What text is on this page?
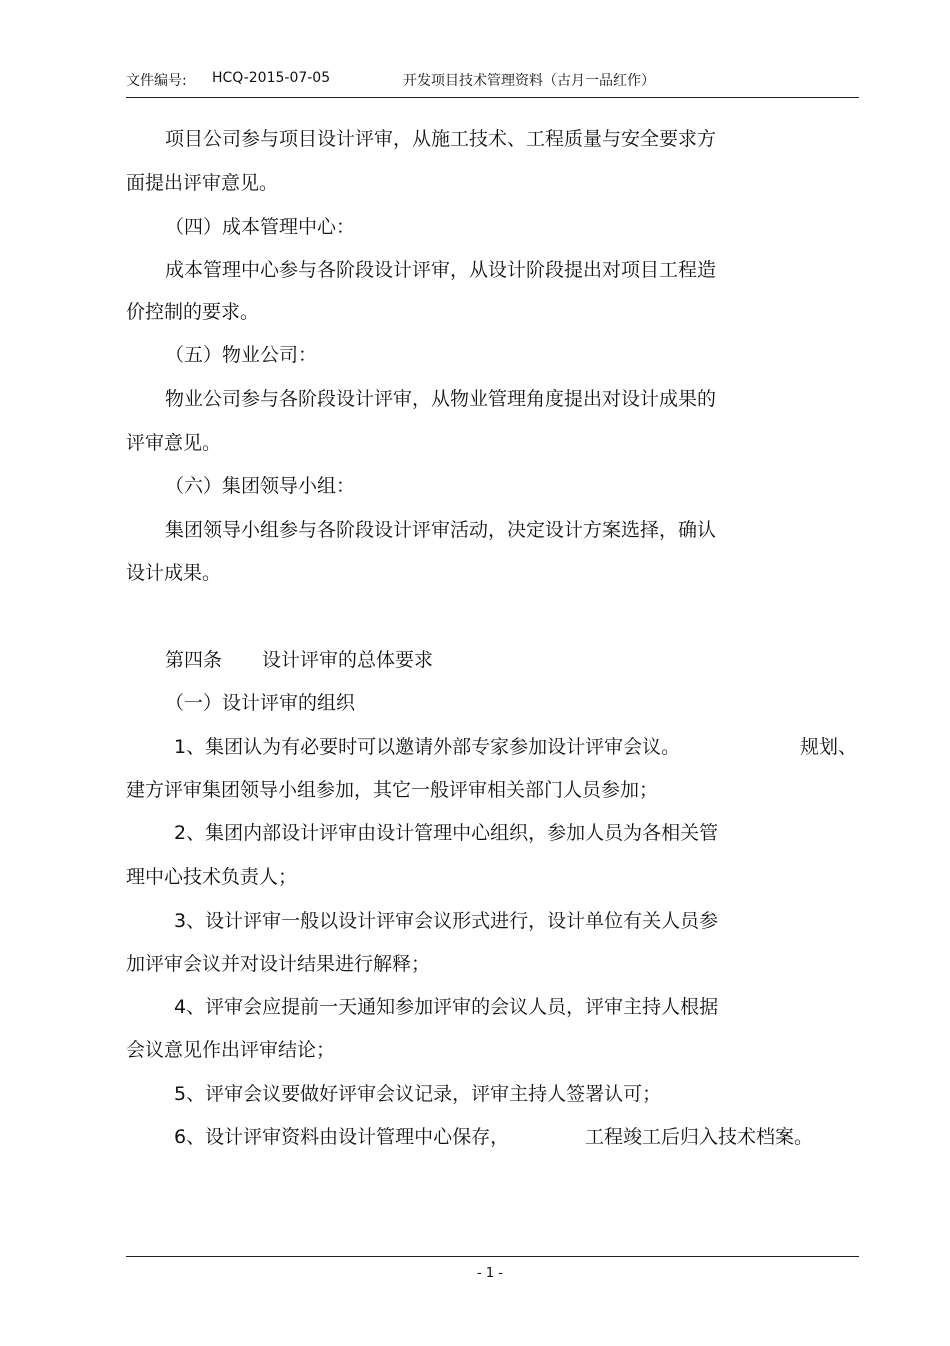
文件编号: HCQ-2015-07-05	开发项目技术管理资料（古月一品红作）
项目公司参与项目设计评审，从施工技术、工程质量与安全要求方
面提出评审意见。
（四）成本管理中心：
成本管理中心参与各阶段设计评审，从设计阶段提出对项目工程造
价控制的要求。
（五）物业公司：
物业公司参与各阶段设计评审，从物业管理角度提出对设计成果的
评审意见。
（六）集团领导小组：
集团领导小组参与各阶段设计评审活动，决定设计方案选择，确认
设计成果。
第四条 设计评审的总体要求
（一）设计评审的组织
1、集团认为有必要时可以邀请外部专家参加设计评审会议。	规划、
建方评审集团领导小组参加，其它一般评审相关部门人员参加；
2、集团内部设计评审由设计管理中心组织，参加人员为各相关管
理中心技术负责人；
3、设计评审一般以设计评审会议形式进行，设计单位有关人员参
加评审会议并对设计结果进行解释；
4、评审会应提前一天通知参加评审的会议人员，评审主持人根据
会议意见作出评审结论；
5、评审会议要做好评审会议记录，评审主持人签署认可；
6、设计评审资料由设计管理中心保存，	工程竣工后归入技术档案。
- 1 -
